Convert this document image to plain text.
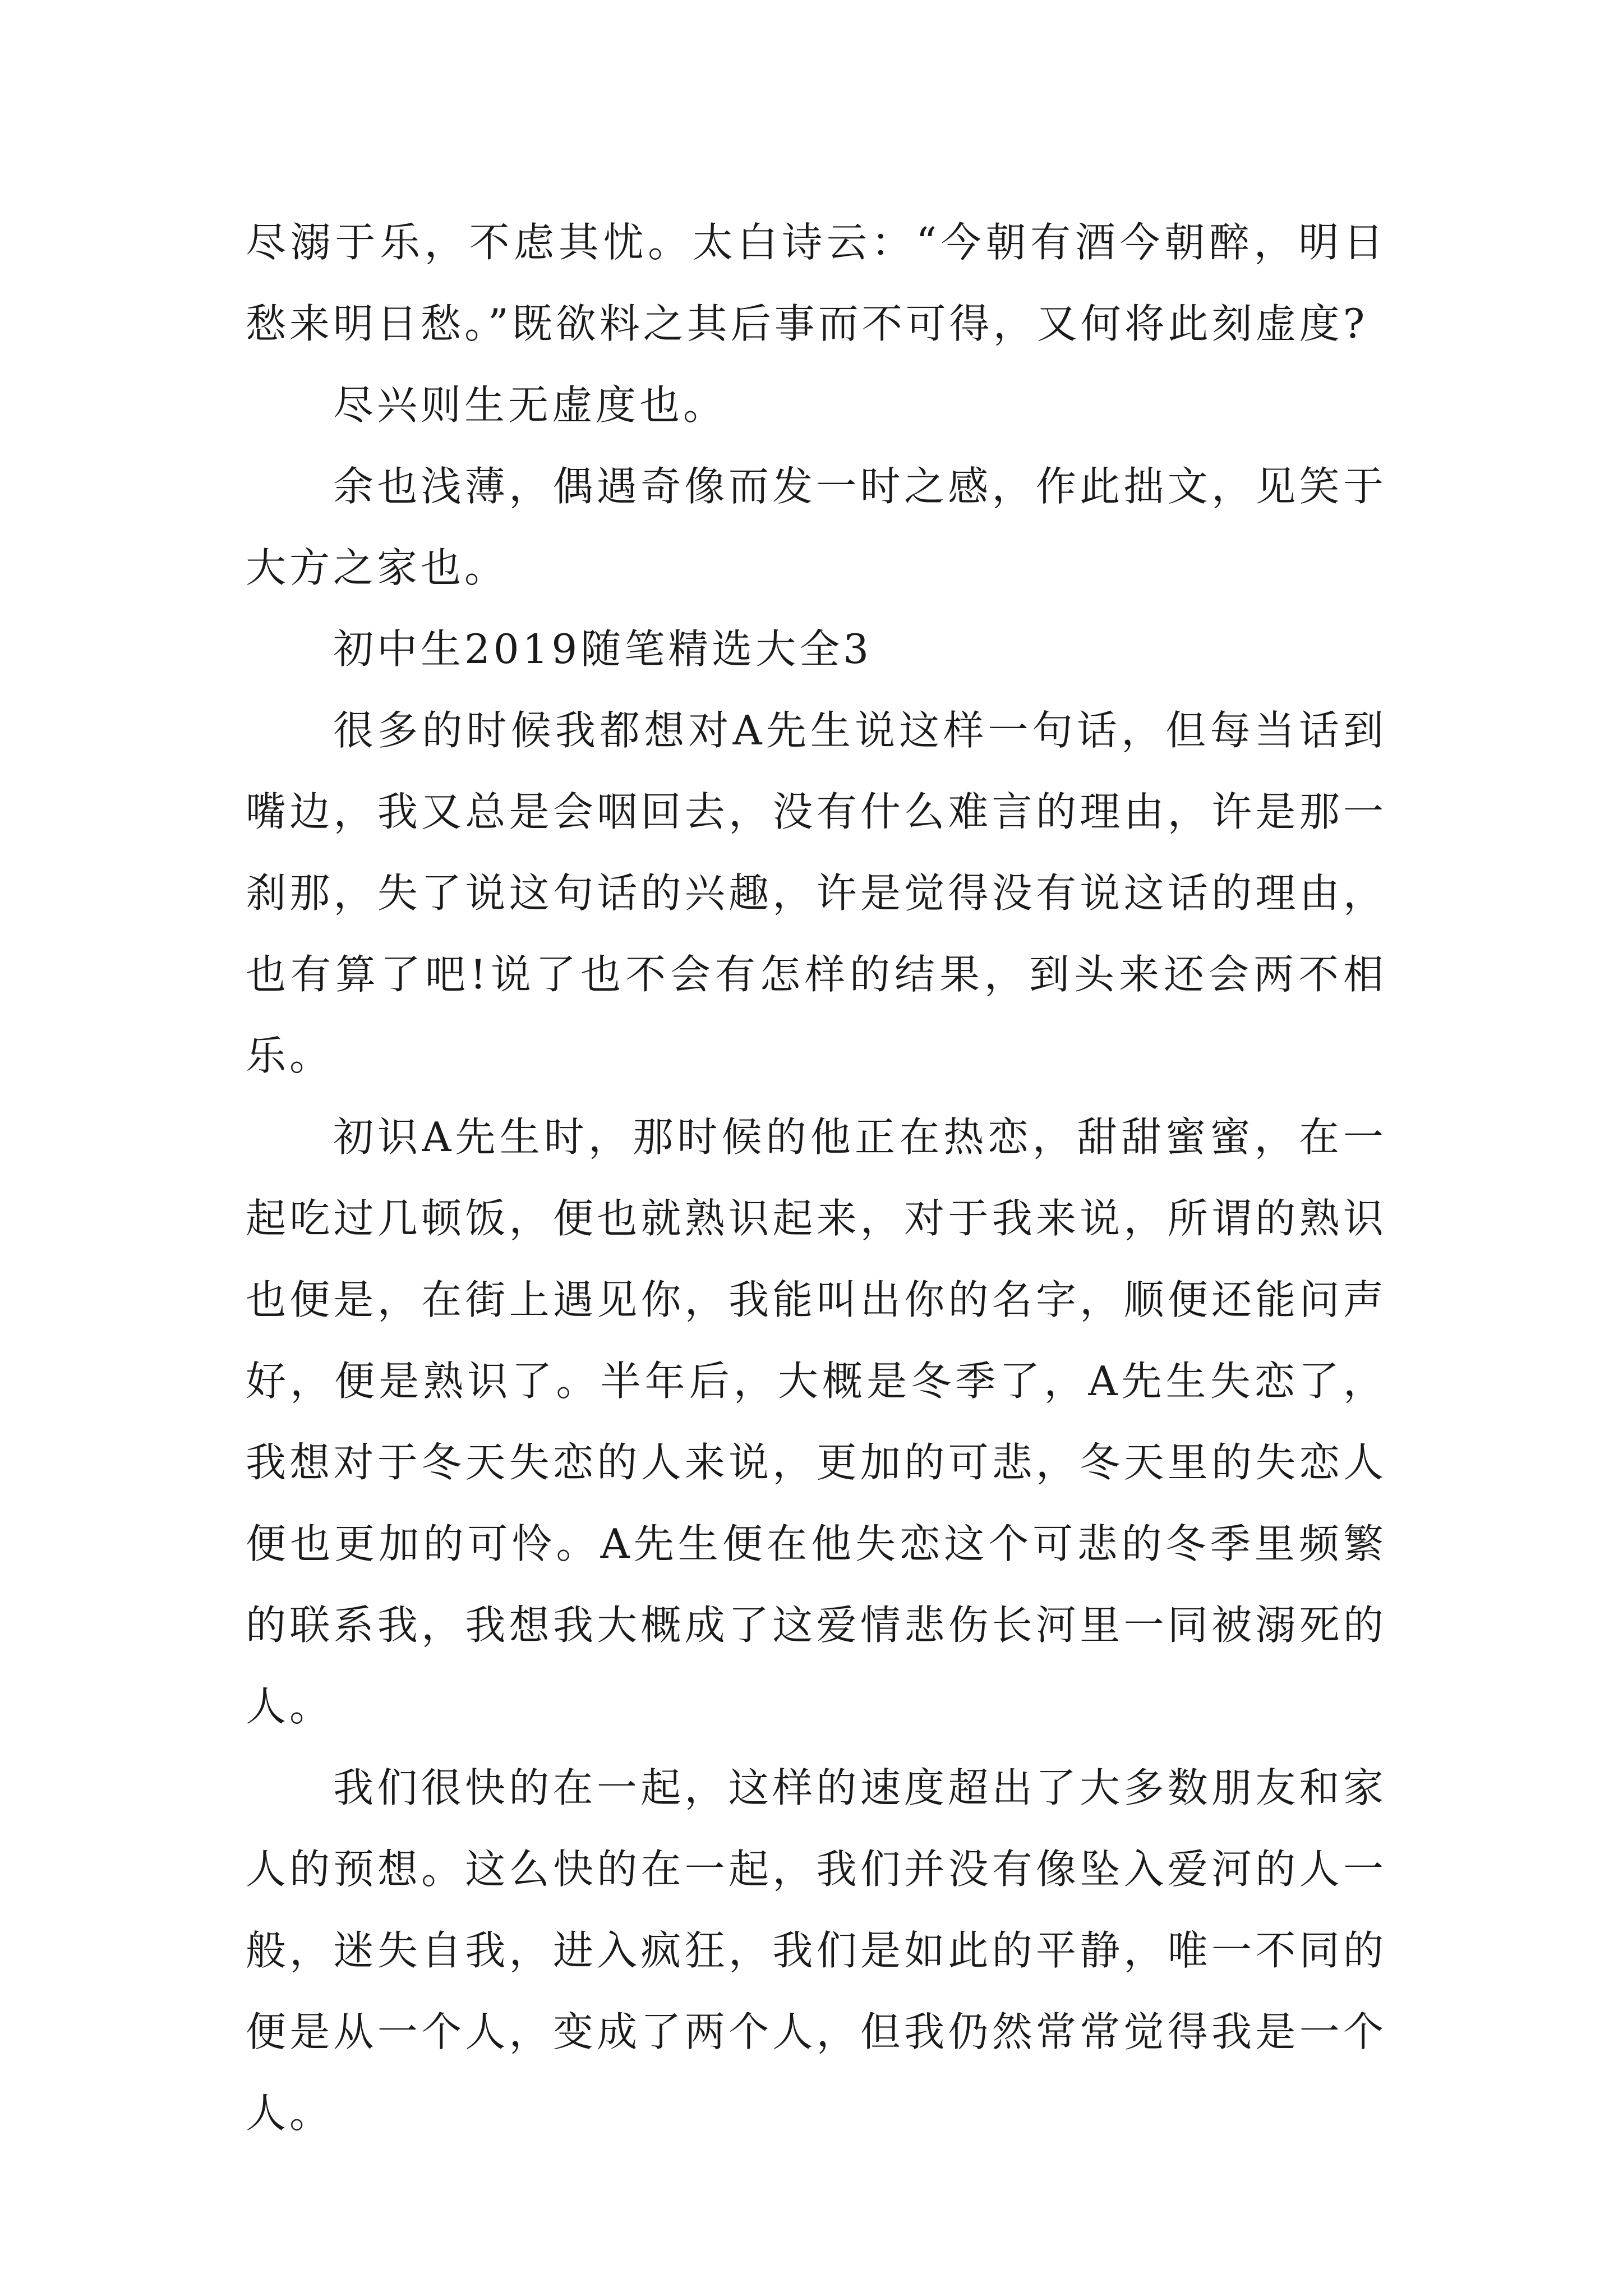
尽溺于乐，不虑其忧。太白诗云：“今朝有酒今朝醉，明日愁来明日愁。”既欲料之其后事而不可得，又何将此刻虚度?

尽兴则生无虚度也。

余也浅薄，偶遇奇像而发一时之感，作此拙文，见笑于大方之家也。

初中生2019随笔精选大全3

很多的时候我都想对A先生说这样一句话，但每当话到嘴边，我又总是会咽回去，没有什么难言的理由，许是那一刹那，失了说这句话的兴趣，许是觉得没有说这话的理由，也有算了吧!说了也不会有怎样的结果，到头来还会两不相乐。

初识A先生时，那时候的他正在热恋，甜甜蜜蜜，在一起吃过几顿饭，便也就熟识起来，对于我来说，所谓的熟识也便是，在街上遇见你，我能叫出你的名字，顺便还能问声好，便是熟识了。半年后，大概是冬季了，A先生失恋了，我想对于冬天失恋的人来说，更加的可悲，冬天里的失恋人便也更加的可怜。A先生便在他失恋这个可悲的冬季里频繁的联系我，我想我大概成了这爱情悲伤长河里一同被溺死的人。

我们很快的在一起，这样的速度超出了大多数朋友和家人的预想。这么快的在一起，我们并没有像坠入爱河的人一般，迷失自我，进入疯狂，我们是如此的平静，唯一不同的便是从一个人，变成了两个人，但我仍然常常觉得我是一个人。
